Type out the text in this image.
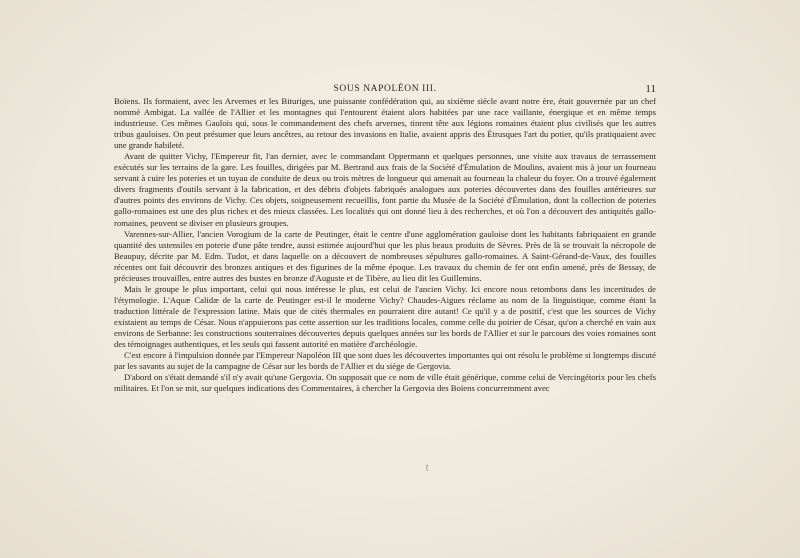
SOUS NAPOLÉON III.	11

Boïens. Ils formaient, avec les Arvernes et les Bituriges, une puissante confédération qui, au sixième siècle avant notre ère, était gouvernée par un chef nommé Ambigat. La vallée de l'Allier et les montagnes qui l'entourent étaient alors habitées par une race vaillante, énergique et en même temps industrieuse. Ces mêmes Gaulois qui, sous le commandement des chefs arvernes, tinrent tête aux légions romaines étaient plus civilisés que les autres tribus gauloises. On peut présumer que leurs ancêtres, au retour des invasions en Italie, avaient appris des Étrusques l'art du potier, qu'ils pratiquaient avec une grande habileté.

Avant de quitter Vichy, l'Empereur fit, l'an dernier, avec le commandant Oppermann et quelques personnes, une visite aux travaux de terrassement exécutés sur les terrains de la gare. Les fouilles, dirigées par M. Bertrand aux frais de la Société d'Émulation de Moulins, avaient mis à jour un fourneau servant à cuire les poteries et un tuyau de conduite de deux ou trois mètres de longueur qui amenait au fourneau la chaleur du foyer. On a trouvé également divers fragments d'outils servant à la fabrication, et des débris d'objets fabriqués analogues aux poteries découvertes dans des fouilles antérieures sur d'autres points des environs de Vichy. Ces objets, soigneusement recueillis, font partie du Musée de la Société d'Émulation, dont la collection de poteries gallo-romaines est une des plus riches et des mieux classées. Les localités qui ont donné lieu à des recherches, et où l'on a découvert des antiquités gallo-romaines, peuvent se diviser en plusieurs groupes.

Varennes-sur-Allier, l'ancien Vorogium de la carte de Peutinger, était le centre d'une agglomération gauloise dont les habitants fabriquaient en grande quantité des ustensiles en poterie d'une pâte tendre, aussi estimée aujourd'hui que les plus beaux produits de Sèvres. Près de là se trouvait la nécropole de Beaupuy, décrite par M. Edm. Tudot, et dans laquelle on a découvert de nombreuses sépultures gallo-romaines. A Saint-Gérand-de-Vaux, des fouilles récentes ont fait découvrir des bronzes antiques et des figurines de la même époque. Les travaux du chemin de fer ont enfin amené, près de Bessay, de précieuses trouvailles, entre autres des bustes en bronze d'Auguste et de Tibère, au lieu dit les Guillemins.

Mais le groupe le plus important, celui qui nous intéresse le plus, est celui de l'ancien Vichy. Ici encore nous retombons dans les incertitudes de l'étymologie. L'Aquæ Calidæ de la carte de Peutinger est-il le moderne Vichy? Chaudes-Aigues réclame au nom de la linguistique, comme étant la traduction littérale de l'expression latine. Mais que de cités thermales en pourraient dire autant! Ce qu'il y a de positif, c'est que les sources de Vichy existaient au temps de César. Nous n'appuierons pas cette assertion sur les traditions locales, comme celle du poirier de César, qu'on a cherché en vain aux environs de Serbanne: les constructions souterraines découvertes depuis quelques années sur les bords de l'Allier et sur le parcours des voies romaines sont des témoignages authentiques, et les seuls qui fassent autorité en matière d'archéologie.

C'est encore à l'impulsion donnée par l'Empereur Napoléon III que sont dues les découvertes importantes qui ont résolu le problème si longtemps discuté par les savants au sujet de la campagne de César sur les bords de l'Allier et du siége de Gergovia.

D'abord on s'était demandé s'il n'y avait qu'une Gergovia. On supposait que ce nom de ville était générique, comme celui de Vercingétorix pour les chefs militaires. Et l'on se mit, sur quelques indications des Commentaires, à chercher la Gergovia des Boïens concurremment avec

ʈ
